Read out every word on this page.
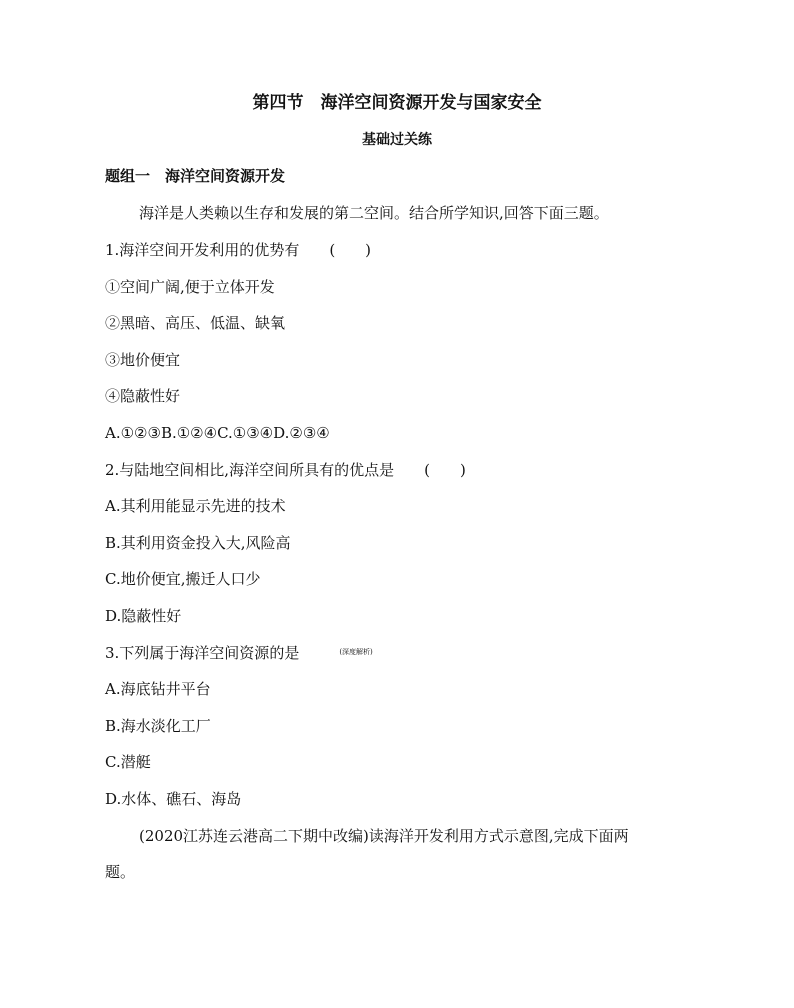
第四节　海洋空间资源开发与国家安全
基础过关练
题组一　海洋空间资源开发
海洋是人类赖以生存和发展的第二空间。结合所学知识,回答下面三题。
1.海洋空间开发利用的优势有 (　　)
①空间广阔,便于立体开发
②黑暗、高压、低温、缺氧
③地价便宜
④隐蔽性好
A.①②③B.①②④C.①③④D.②③④
2.与陆地空间相比,海洋空间所具有的优点是 (　　)
A.其利用能显示先进的技术
B.其利用资金投入大,风险高
C.地价便宜,搬迁人口少
D.隐蔽性好
3.下列属于海洋空间资源的是	(深度解析)
A.海底钻井平台
B.海水淡化工厂
C.潜艇
D.水体、礁石、海岛
(2020江苏连云港高二下期中改编)读海洋开发利用方式示意图,完成下面两
题。
